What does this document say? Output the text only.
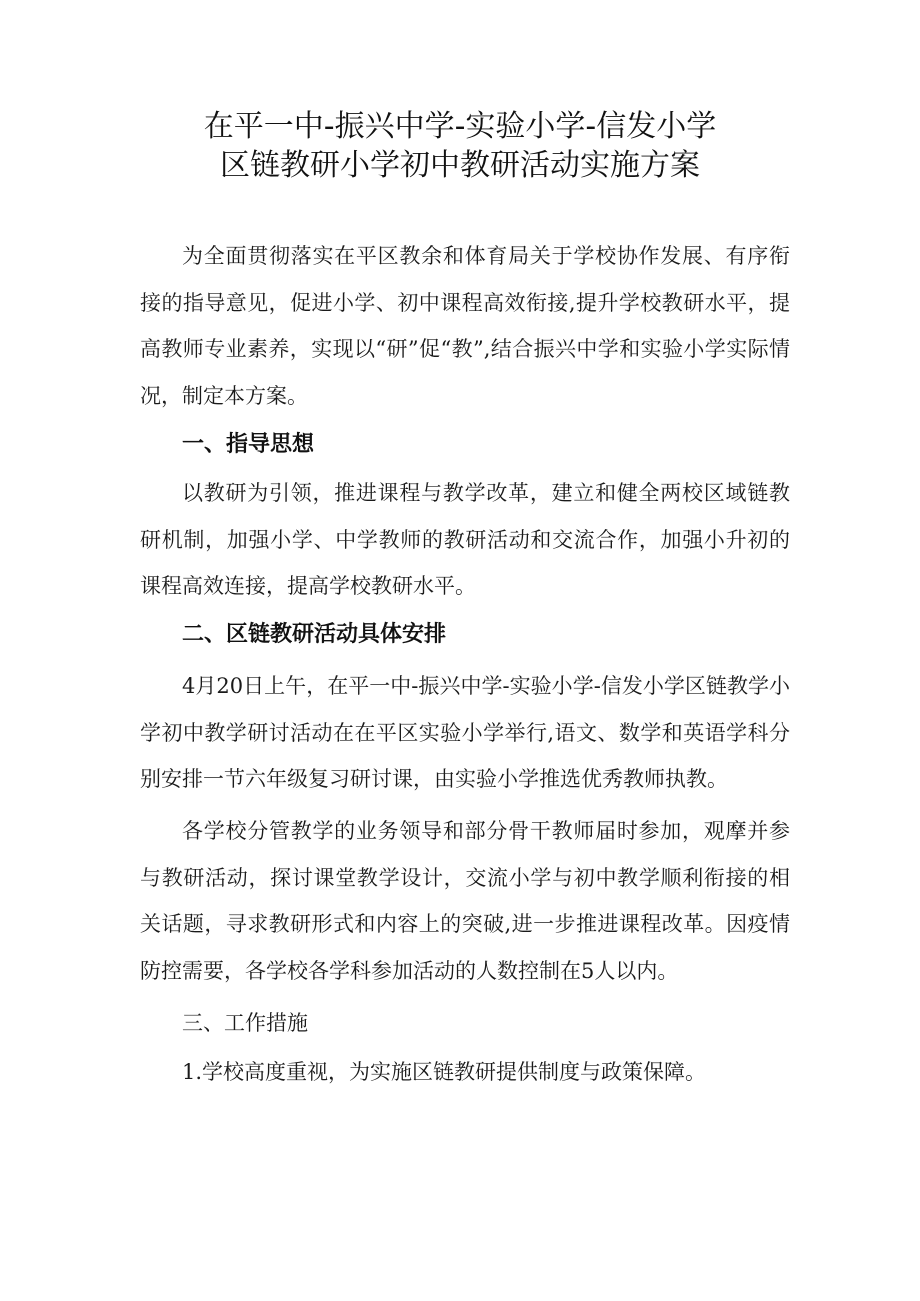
在平一中-振兴中学-实验小学-信发小学
区链教研小学初中教研活动实施方案

为全面贯彻落实在平区教余和体育局关于学校协作发展、有序衔接的指导意见，促进小学、初中课程高效衔接,提升学校教研水平，提高教师专业素养，实现以“研”促“教”,结合振兴中学和实验小学实际情况，制定本方案。

一、指导思想

以教研为引领，推进课程与教学改革，建立和健全两校区域链教研机制，加强小学、中学教师的教研活动和交流合作，加强小升初的课程高效连接，提高学校教研水平。

二、区链教研活动具体安排

4月20日上午，在平一中-振兴中学-实验小学-信发小学区链教学小学初中教学研讨活动在在平区实验小学举行,语文、数学和英语学科分别安排一节六年级复习研讨课，由实验小学推选优秀教师执教。

各学校分管教学的业务领导和部分骨干教师届时参加，观摩并参与教研活动，探讨课堂教学设计，交流小学与初中教学顺利衔接的相关话题，寻求教研形式和内容上的突破,进一步推进课程改革。因疫情防控需要，各学校各学科参加活动的人数控制在5人以内。

三、工作措施

1.学校高度重视，为实施区链教研提供制度与政策保障。
